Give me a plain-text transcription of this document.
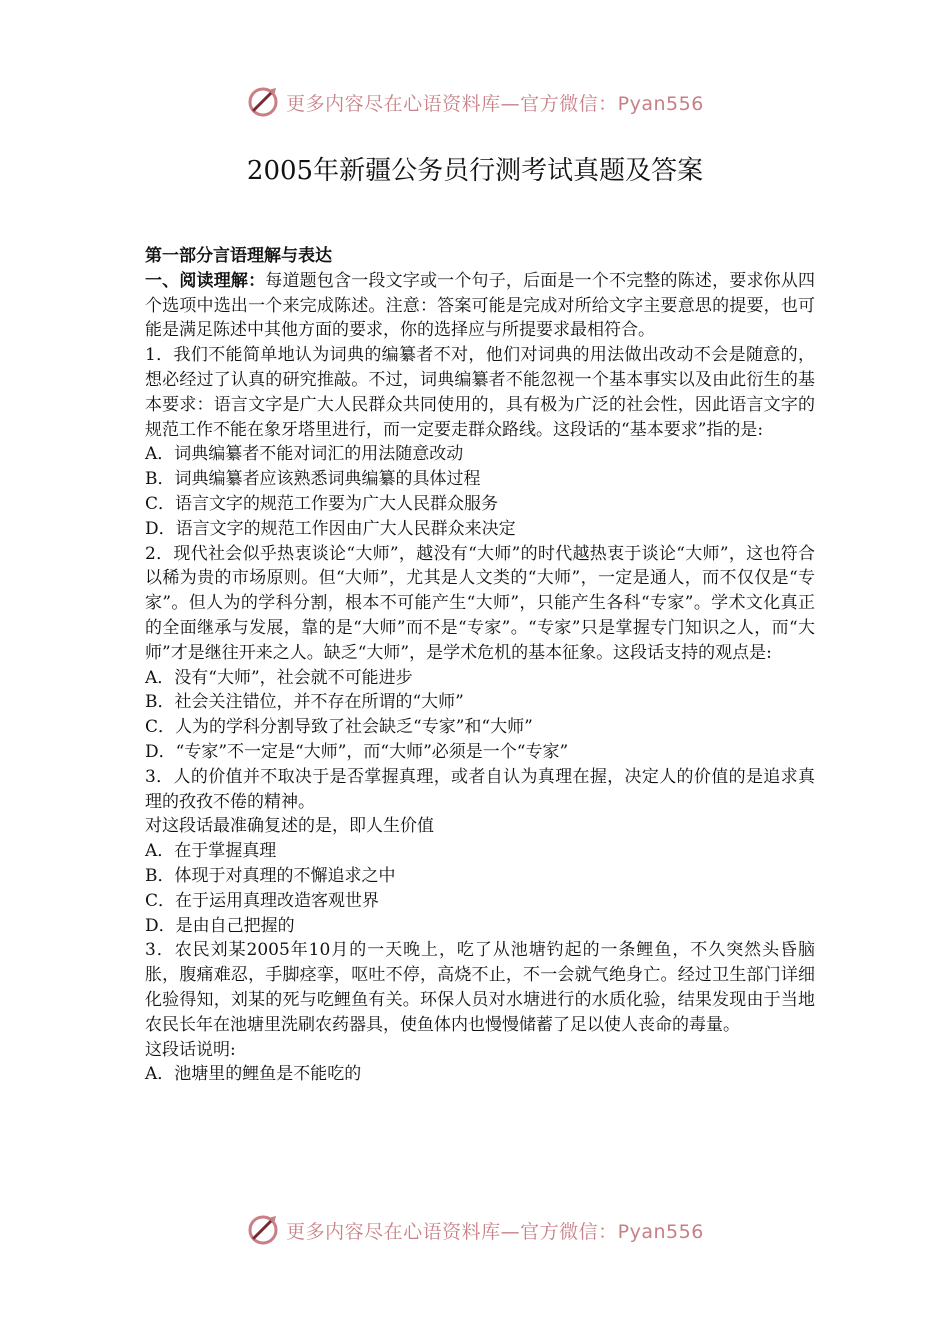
更多内容尽在心语资料库—官方微信：Pyan556
2005年新疆公务员行测考试真题及答案

第一部分言语理解与表达

一、阅读理解：每道题包含一段文字或一个句子，后面是一个不完整的陈述，要求你从四个选项中选出一个来完成陈述。注意：答案可能是完成对所给文字主要意思的提要，也可能是满足陈述中其他方面的要求，你的选择应与所提要求最相符合。

1．我们不能简单地认为词典的编纂者不对，他们对词典的用法做出改动不会是随意的，想必经过了认真的研究推敲。不过，词典编纂者不能忽视一个基本事实以及由此衍生的基本要求：语言文字是广大人民群众共同使用的，具有极为广泛的社会性，因此语言文字的规范工作不能在象牙塔里进行，而一定要走群众路线。这段话的“基本要求”指的是:

A．词典编纂者不能对词汇的用法随意改动

B．词典编纂者应该熟悉词典编纂的具体过程

C．语言文字的规范工作要为广大人民群众服务

D．语言文字的规范工作因由广大人民群众来决定

2．现代社会似乎热衷谈论“大师”，越没有“大师”的时代越热衷于谈论“大师”，这也符合以稀为贵的市场原则。但“大师”，尤其是人文类的“大师”，一定是通人，而不仅仅是“专家”。但人为的学科分割，根本不可能产生“大师”，只能产生各科“专家”。学术文化真正的全面继承与发展，靠的是“大师”而不是“专家”。“专家”只是掌握专门知识之人，而“大师”才是继往开来之人。缺乏“大师”，是学术危机的基本征象。这段话支持的观点是:

A．没有“大师”，社会就不可能进步

B．社会关注错位，并不存在所谓的“大师”

C．人为的学科分割导致了社会缺乏“专家”和“大师”

D．“专家”不一定是“大师”，而“大师”必须是一个“专家”

3．人的价值并不取决于是否掌握真理，或者自认为真理在握，决定人的价值的是追求真理的孜孜不倦的精神。

对这段话最准确复述的是，即人生价值

A．在于掌握真理

B．体现于对真理的不懈追求之中

C．在于运用真理改造客观世界

D．是由自己把握的

3．农民刘某2005年10月的一天晚上，吃了从池塘钓起的一条鲤鱼，不久突然头昏脑胀，腹痛难忍，手脚痉挛，呕吐不停，高烧不止，不一会就气绝身亡。经过卫生部门详细化验得知，刘某的死与吃鲤鱼有关。环保人员对水塘进行的水质化验，结果发现由于当地农民长年在池塘里洗刷农药器具，使鱼体内也慢慢储蓄了足以使人丧命的毒量。

这段话说明:

A．池塘里的鲤鱼是不能吃的

更多内容尽在心语资料库—官方微信：Pyan556
